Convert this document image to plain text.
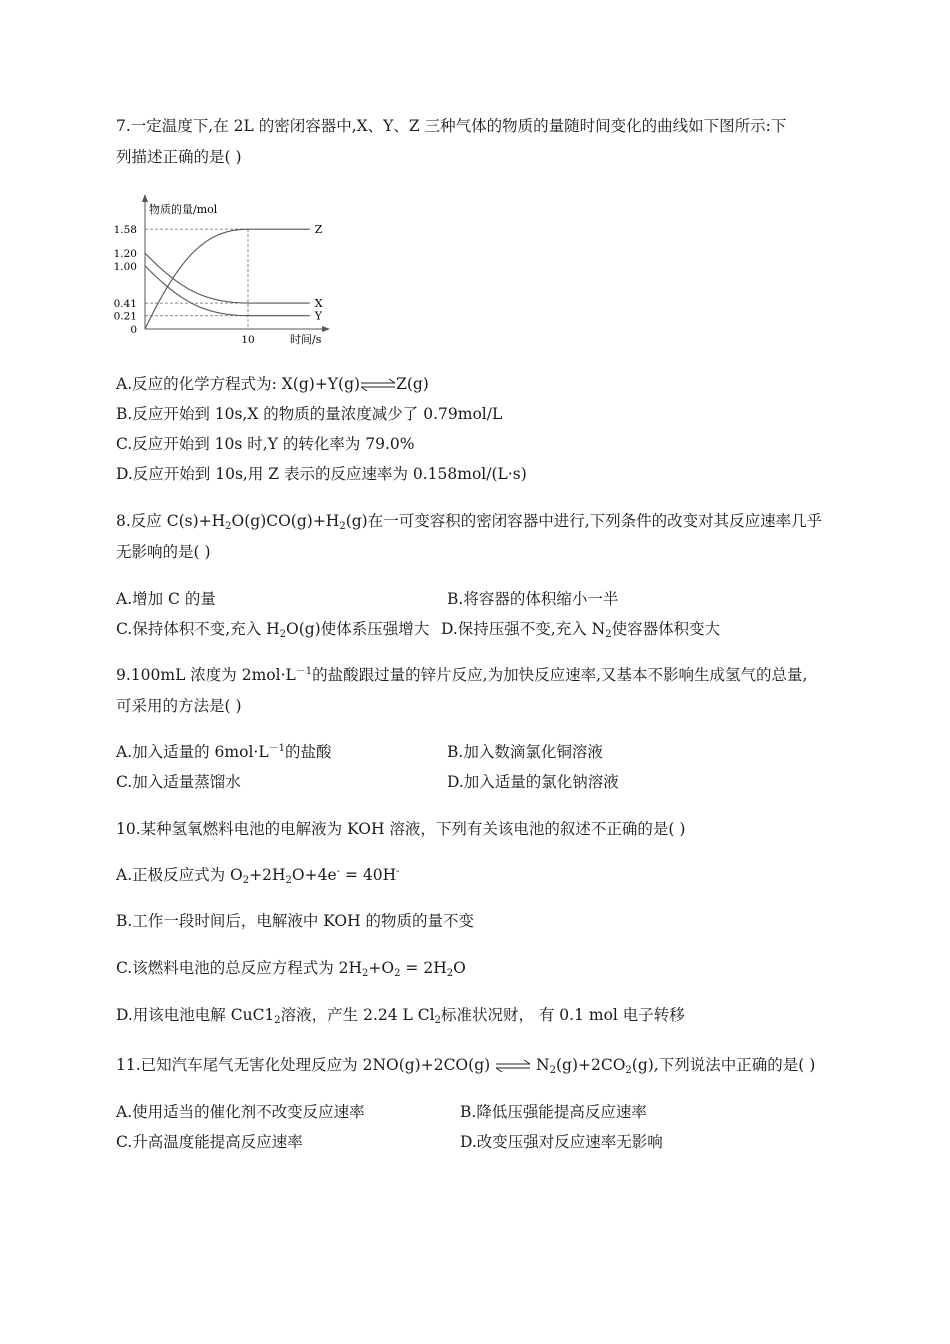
7.一定温度下,在 2L 的密闭容器中,X、Y、Z 三种气体的物质的量随时间变化的曲线如下图所示:下
列描述正确的是( )
物质的量/mol
时间/s
1.58
1.20
1.00
0.41
0.21
0
10
Z
X
Y
A.反应的化学方程式为: X(g)+Y(g)⇌Z(g)
B.反应开始到 10s,X 的物质的量浓度减少了 0.79mol/L
C.反应开始到 10s 时,Y 的转化率为 79.0%
D.反应开始到 10s,用 Z 表示的反应速率为 0.158mol/(L·s)
8.反应 $C(s)+H_2O(g)CO(g)+H_2(g)$在一可变容积的密闭容器中进行,下列条件的改变对其反应速率几乎
无影响的是( )
A.增加 C 的量	B.将容器的体积缩小一半
C.保持体积不变,充入 $H_2O(g)$使体系压强增大 D.保持压强不变,充入 $N_2$使容器体积变大
9.100mL 浓度为 $2mol\cdot L^{-1}$的盐酸跟过量的锌片反应,为加快反应速率,又基本不影响生成氢气的总量,
可采用的方法是( )
A.加入适量的 $6mol\cdot L^{-1}$的盐酸	B.加入数滴氯化铜溶液
C.加入适量蒸馏水	D.加入适量的氯化钠溶液
10.某种氢氧燃料电池的电解液为 KOH 溶液，下列有关该电池的叙述不正确的是( )
A.正极反应式为 $O_2+2H_2O+4e^- = 40H^-$
B.工作一段时间后，电解液中 KOH 的物质的量不变
C.该燃料电池的总反应方程式为 $2H_2+O_2 = 2H_2O$
D.用该电池电解 $CuC1_2$溶液，产生 2.24 L $Cl_2$标准状况财， 有 0.1 mol 电子转移
11.已知汽车尾气无害化处理反应为 2NO(g)+2CO(g) ⇌ $N_2(g)+2CO_2(g)$,下列说法中正确的是( )
A.使用适当的催化剂不改变反应速率	B.降低压强能提高反应速率
C.升高温度能提高反应速率	D.改变压强对反应速率无影响
